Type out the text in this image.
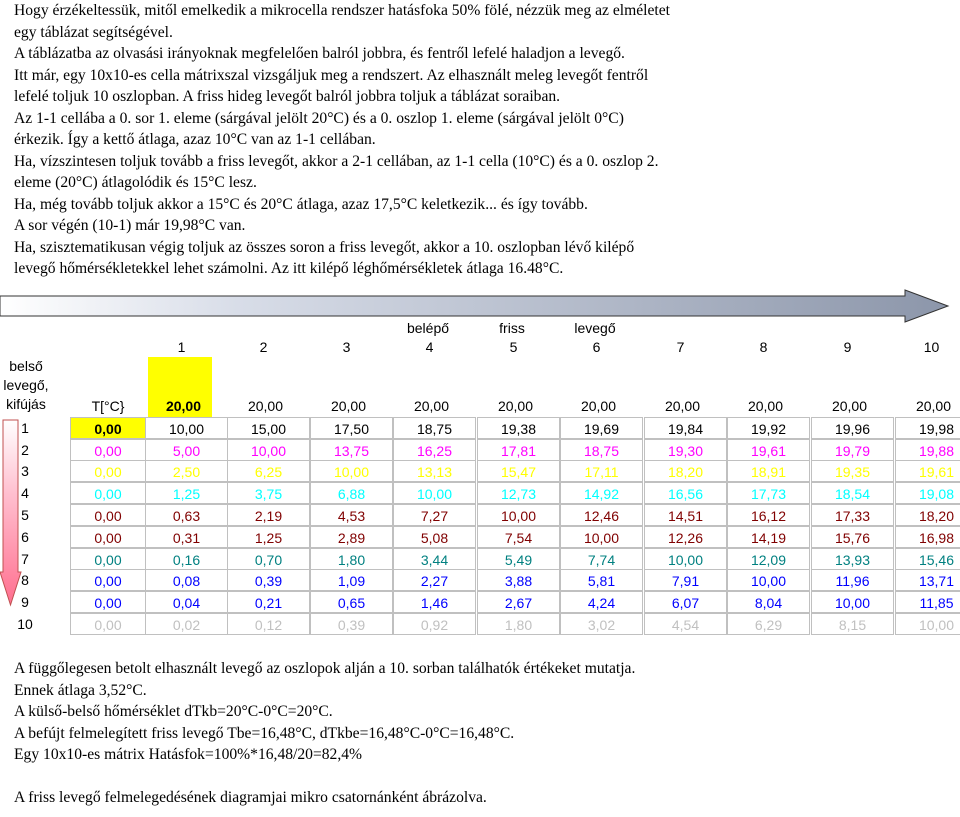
Hogy érzékeltessük, mitől emelkedik a mikrocella rendszer hatásfoka 50% fölé, nézzük meg az elméletet
egy táblázat segítségével.
A táblázatba az olvasási irányoknak megfelelően balról jobbra, és fentről lefelé haladjon a levegő.
Itt már, egy 10x10-es cella mátrixszal vizsgáljuk meg a rendszert. Az elhasznált meleg levegőt fentről
lefelé toljuk 10 oszlopban. A friss hideg levegőt balról jobbra toljuk a táblázat soraiban.
Az 1-1 cellába a 0. sor 1. eleme (sárgával jelölt 20°C) és a 0. oszlop 1. eleme (sárgával jelölt 0°C)
érkezik. Így a kettő átlaga, azaz 10°C van az 1-1 cellában.
Ha, vízszintesen toljuk tovább a friss levegőt, akkor a 2-1 cellában, az 1-1 cella (10°C) és a 0. oszlop 2.
eleme (20°C) átlagolódik és 15°C lesz.
Ha, még tovább toljuk akkor a 15°C és 20°C átlaga, azaz 17,5°C keletkezik... és így tovább.
A sor végén (10-1) már 19,98°C van.
Ha, szisztematikusan végig toljuk az összes soron a friss levegőt, akkor a 10. oszlopban lévő kilépő
levegő hőmérsékletekkel lehet számolni. Az itt kilépő léghőmérsékletek átlaga 16.48°C.
belépő	friss	levegő
1	2	3	4	5	6	7	8	9	10
belső
levegő,
kifújás	T[°C}	20,00	20,00	20,00	20,00	20,00	20,00	20,00	20,00	20,00	20,00
1	0,00	10,00	15,00	17,50	18,75	19,38	19,69	19,84	19,92	19,96	19,98
2	0,00	5,00	10,00	13,75	16,25	17,81	18,75	19,30	19,61	19,79	19,88
3	0,00	2,50	6,25	10,00	13,13	15,47	17,11	18,20	18,91	19,35	19,61
4	0,00	1,25	3,75	6,88	10,00	12,73	14,92	16,56	17,73	18,54	19,08
5	0,00	0,63	2,19	4,53	7,27	10,00	12,46	14,51	16,12	17,33	18,20
6	0,00	0,31	1,25	2,89	5,08	7,54	10,00	12,26	14,19	15,76	16,98
7	0,00	0,16	0,70	1,80	3,44	5,49	7,74	10,00	12,09	13,93	15,46
8	0,00	0,08	0,39	1,09	2,27	3,88	5,81	7,91	10,00	11,96	13,71
9	0,00	0,04	0,21	0,65	1,46	2,67	4,24	6,07	8,04	10,00	11,85
10	0,00	0,02	0,12	0,39	0,92	1,80	3,02	4,54	6,29	8,15	10,00
A függőlegesen betolt elhasznált levegő az oszlopok alján a 10. sorban találhatók értékeket mutatja.
Ennek átlaga 3,52°C.
A külső-belső hőmérséklet dTkb=20°C-0°C=20°C.
A befújt felmelegített friss levegő Tbe=16,48°C, dTkbe=16,48°C-0°C=16,48°C.
Egy 10x10-es mátrix Hatásfok=100%*16,48/20=82,4%
A friss levegő felmelegedésének diagramjai mikro csatornánként ábrázolva.
